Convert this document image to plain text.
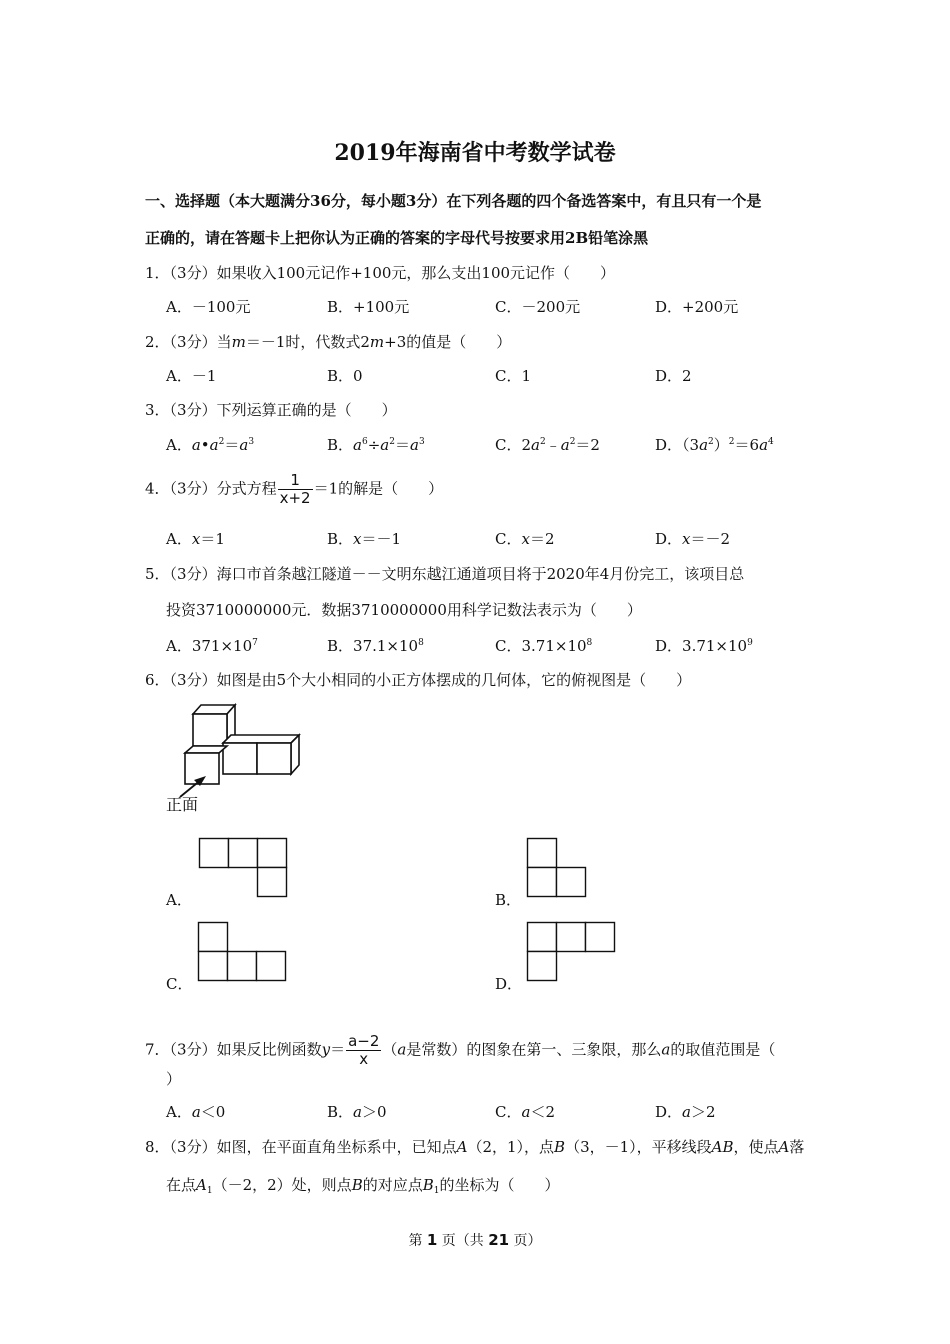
2019年海南省中考数学试卷
一、选择题（本大题满分36分，每小题3分）在下列各题的四个备选答案中，有且只有一个是
正确的，请在答题卡上把你认为正确的答案的字母代号按要求用2B铅笔涂黑
1．（3分）如果收入100元记作+100元，那么支出100元记作（　　）
A．－100元	B．+100元	C．－200元	D．+200元
2．（3分）当m＝－1时，代数式2m+3的值是（　　）
A．－1	B．0	C．1	D．2
3．（3分）下列运算正确的是（　　）
A．$a•a^2=a^3$	B．$a^6\div a^2=a^3$	C．$2a^2﹣a^2=2$	D．$(3a^2)^2=6a^4$
4．（3分）分式方程 $\frac{1}{x+2} =1$的解是（　　）
A．x＝1	B．x＝－1	C．x＝2	D．x＝－2
5．（3分）海口市首条越江隧道－－文明东越江通道项目将于2020年4月份完工，该项目总
投资3710000000元．数据3710000000用科学记数法表示为（　　）
A．$371\times 10^7$	B．$37.1\times 10^8$	C．$3.71\times 10^8$	D．$3.71\times 10^9$
6．（3分）如图是由5个大小相同的小正方体摆成的几何体，它的俯视图是（　　）
正面
A．	B．
C．	D．
7．（3分）如果反比例函数$y= \frac{a-2}{x} (a$是常数）的图象在第一、三象限，那么a的取值范围是（
）
A．a＜0	B．a＞0	C．a＜2	D．a＞2
8．（3分）如图，在平面直角坐标系中，已知点A（2，1），点B（3，－1），平移线段AB，使点A落
在点$A_1(-2$，2）处，则点B的对应点$B_1$的坐标为（　　）
第 1 页（共 21 页）
